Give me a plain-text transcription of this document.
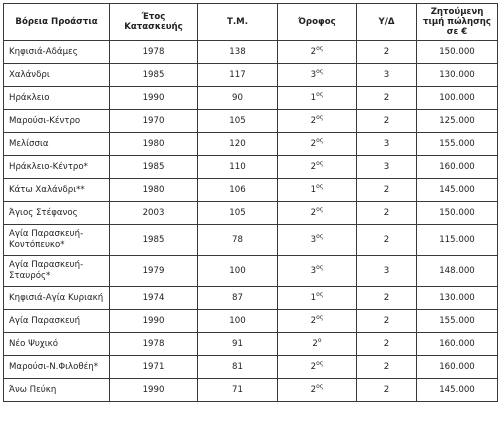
Βόρεια Προάστια	Έτος Κατασκευής	Τ.Μ.	Όροφος	Υ/Δ	Ζητούμενη τιμή πώλησης σε €
Κηφισιά-Αδάμες	1978	138	$2^{o\varsigma}$	2	150.000
Χαλάνδρι	1985	117	$3^{o\varsigma}$	3	130.000
Ηράκλειο	1990	90	$1^{o\varsigma}$	2	100.000
Μαρούσι-Κέντρο	1970	105	$2^{o\varsigma}$	2	125.000
Μελίσσια	1980	120	$2^{o\varsigma}$	3	155.000
Ηράκλειο-Κέντρο*	1985	110	$2^{o\varsigma}$	3	160.000
Κάτω Χαλάνδρι**	1980	106	$1^{o\varsigma}$	2	145.000
Άγιος Στέφανος	2003	105	$2^{o\varsigma}$	2	150.000
Αγία Παρασκευή-Κοντόπευκο*	1985	78	$3^{o\varsigma}$	2	115.000
Αγία Παρασκευή-Σταυρός*	1979	100	$3^{o\varsigma}$	3	148.000
Κηφισιά-Αγία Κυριακή	1974	87	$1^{o\varsigma}$	2	130.000
Αγία Παρασκευή	1990	100	$2^{o\varsigma}$	2	155.000
Νέο Ψυχικό	1978	91	$2^o$	2	160.000
Μαρούσι-Ν.Φιλοθέη*	1971	81	$2^{o\varsigma}$	2	160.000
Άνω Πεύκη	1990	71	$2^{o\varsigma}$	2	145.000
